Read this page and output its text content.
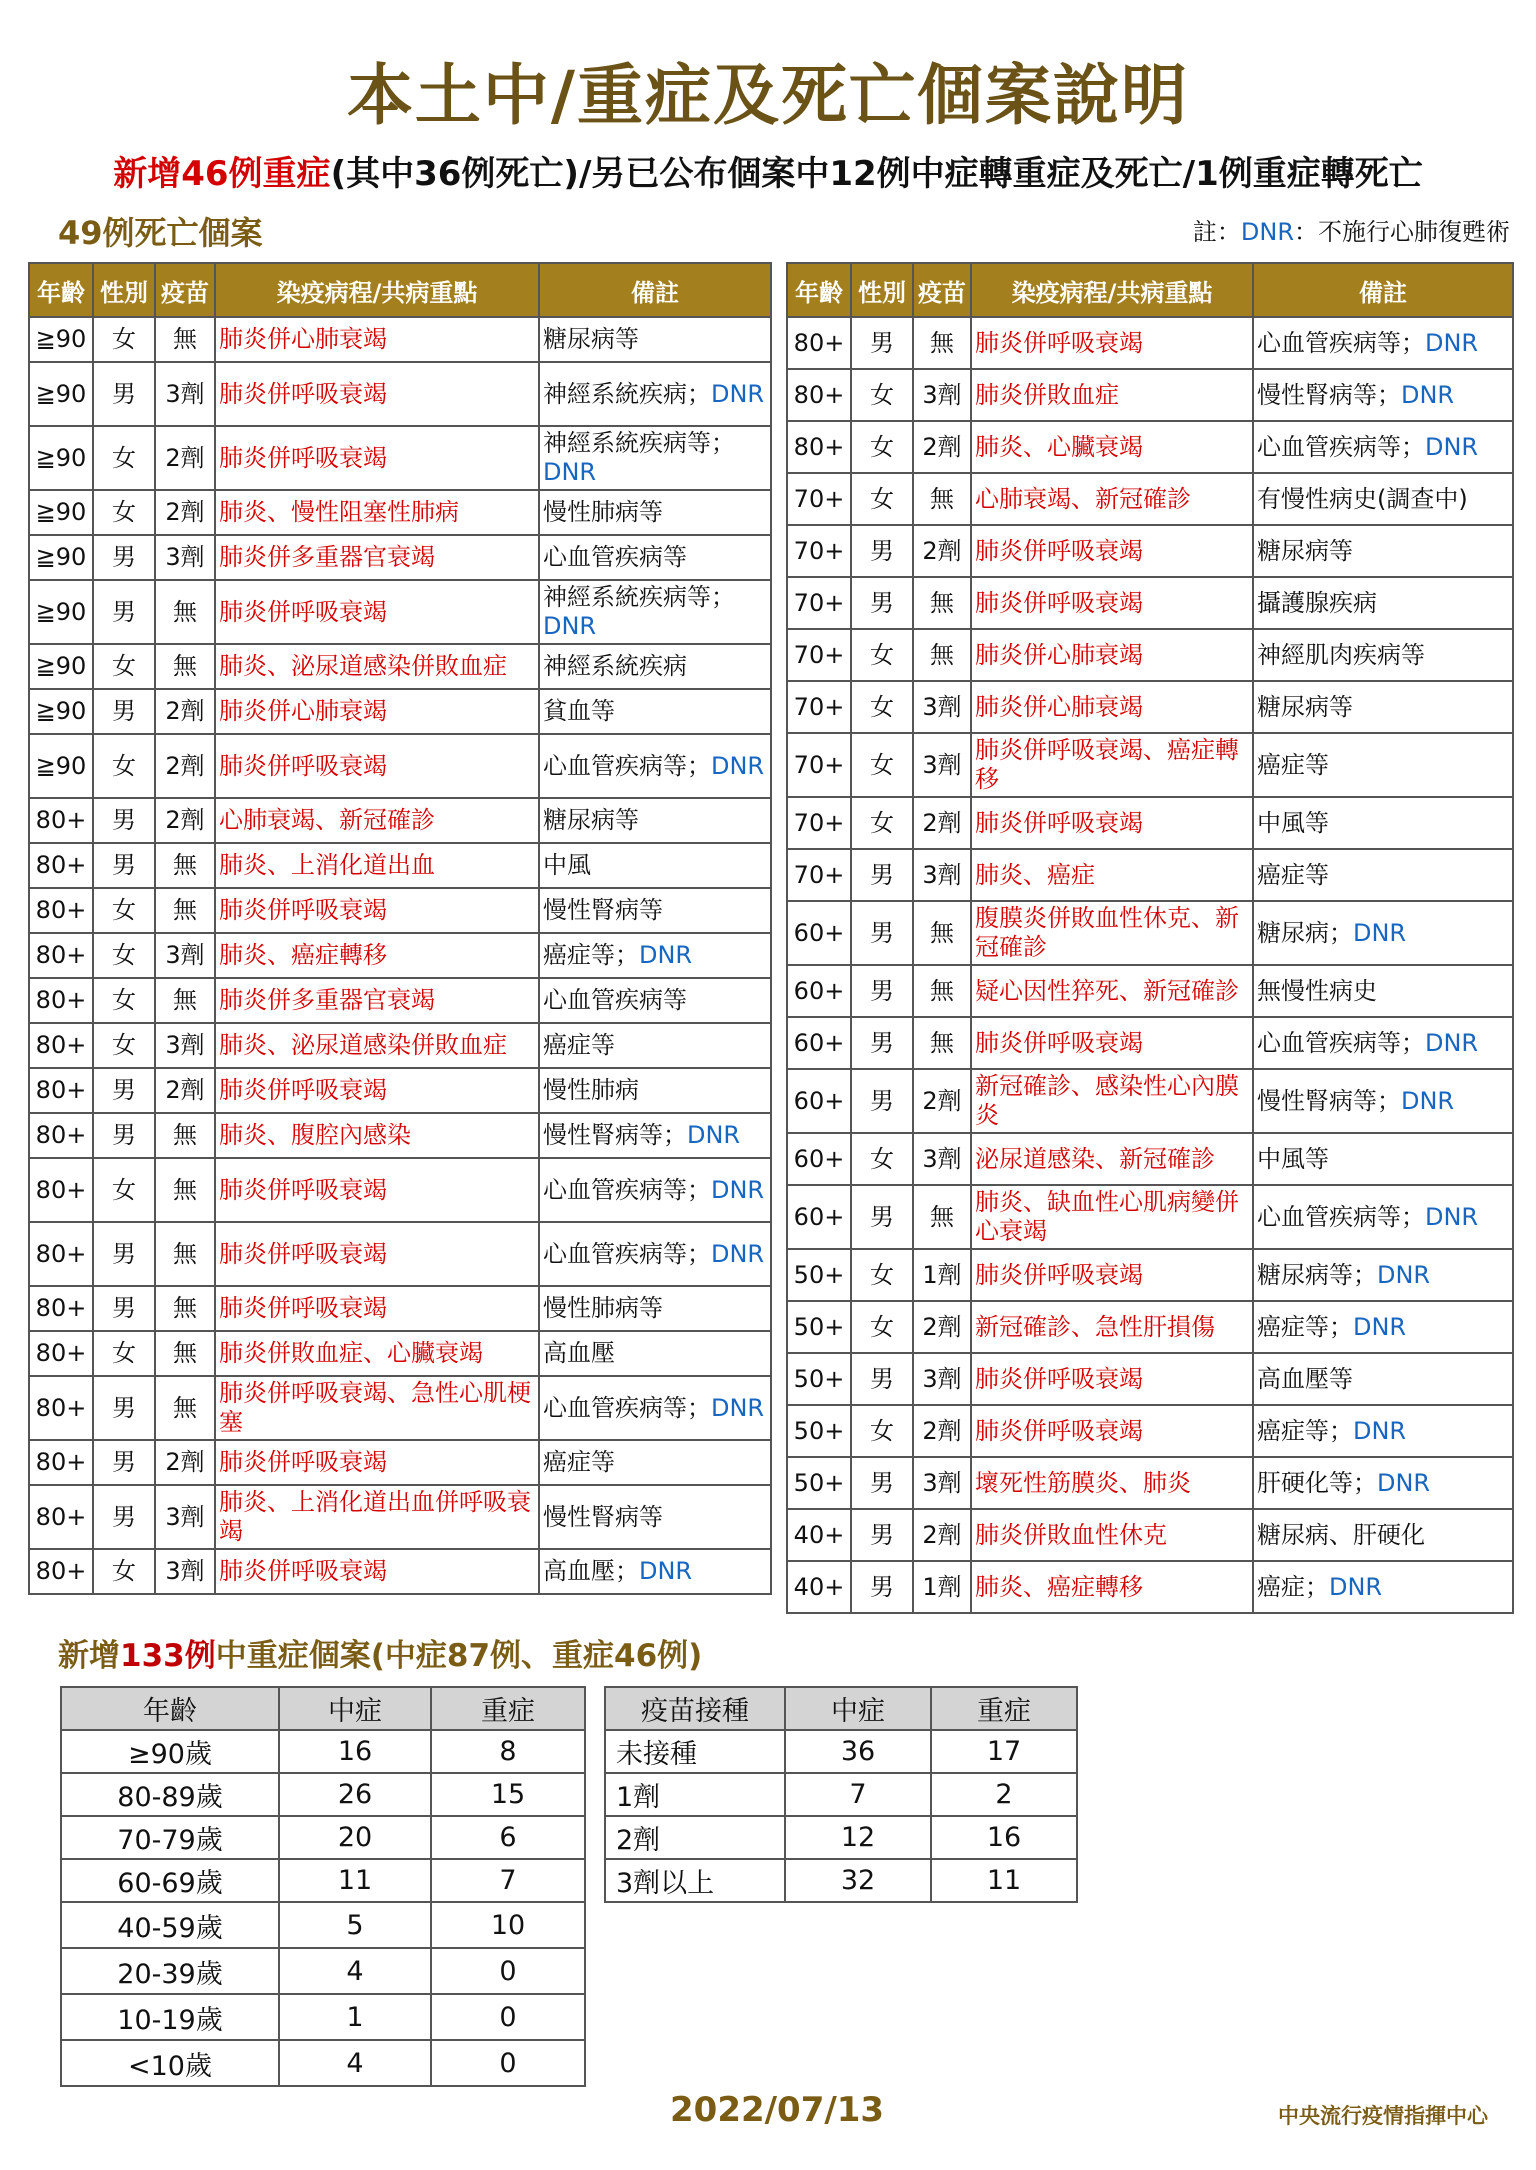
本土中/重症及死亡個案說明
新增46例重症(其中36例死亡)/另已公布個案中12例中症轉重症及死亡/1例重症轉死亡
49例死亡個案	註：DNR：不施行心肺復甦術
年齡	性別	疫苗	染疫病程/共病重點	備註
≧90	女	無	肺炎併心肺衰竭	糖尿病等
≧90	男	3劑	肺炎併呼吸衰竭	神經系統疾病；DNR
≧90	女	2劑	肺炎併呼吸衰竭	神經系統疾病等；DNR
≧90	女	2劑	肺炎、慢性阻塞性肺病	慢性肺病等
≧90	男	3劑	肺炎併多重器官衰竭	心血管疾病等
≧90	男	無	肺炎併呼吸衰竭	神經系統疾病等；DNR
≧90	女	無	肺炎、泌尿道感染併敗血症	神經系統疾病
≧90	男	2劑	肺炎併心肺衰竭	貧血等
≧90	女	2劑	肺炎併呼吸衰竭	心血管疾病等；DNR
80+	男	2劑	心肺衰竭、新冠確診	糖尿病等
80+	男	無	肺炎、上消化道出血	中風
80+	女	無	肺炎併呼吸衰竭	慢性腎病等
80+	女	3劑	肺炎、癌症轉移	癌症等；DNR
80+	女	無	肺炎併多重器官衰竭	心血管疾病等
80+	女	3劑	肺炎、泌尿道感染併敗血症	癌症等
80+	男	2劑	肺炎併呼吸衰竭	慢性肺病
80+	男	無	肺炎、腹腔內感染	慢性腎病等；DNR
80+	女	無	肺炎併呼吸衰竭	心血管疾病等；DNR
80+	男	無	肺炎併呼吸衰竭	心血管疾病等；DNR
80+	男	無	肺炎併呼吸衰竭	慢性肺病等
80+	女	無	肺炎併敗血症、心臟衰竭	高血壓
80+	男	無	肺炎併呼吸衰竭、急性心肌梗塞	心血管疾病等；DNR
80+	男	2劑	肺炎併呼吸衰竭	癌症等
80+	男	3劑	肺炎、上消化道出血併呼吸衰竭	慢性腎病等
80+	女	3劑	肺炎併呼吸衰竭	高血壓；DNR
年齡	性別	疫苗	染疫病程/共病重點	備註
80+	男	無	肺炎併呼吸衰竭	心血管疾病等；DNR
80+	女	3劑	肺炎併敗血症	慢性腎病等；DNR
80+	女	2劑	肺炎、心臟衰竭	心血管疾病等；DNR
70+	女	無	心肺衰竭、新冠確診	有慢性病史(調查中)
70+	男	2劑	肺炎併呼吸衰竭	糖尿病等
70+	男	無	肺炎併呼吸衰竭	攝護腺疾病
70+	女	無	肺炎併心肺衰竭	神經肌肉疾病等
70+	女	3劑	肺炎併心肺衰竭	糖尿病等
70+	女	3劑	肺炎併呼吸衰竭、癌症轉移	癌症等
70+	女	2劑	肺炎併呼吸衰竭	中風等
70+	男	3劑	肺炎、癌症	癌症等
60+	男	無	腹膜炎併敗血性休克、新冠確診	糖尿病；DNR
60+	男	無	疑心因性猝死、新冠確診	無慢性病史
60+	男	無	肺炎併呼吸衰竭	心血管疾病等；DNR
60+	男	2劑	新冠確診、感染性心內膜炎	慢性腎病等；DNR
60+	女	3劑	泌尿道感染、新冠確診	中風等
60+	男	無	肺炎、缺血性心肌病變併心衰竭	心血管疾病等；DNR
50+	女	1劑	肺炎併呼吸衰竭	糖尿病等；DNR
50+	女	2劑	新冠確診、急性肝損傷	癌症等；DNR
50+	男	3劑	肺炎併呼吸衰竭	高血壓等
50+	女	2劑	肺炎併呼吸衰竭	癌症等；DNR
50+	男	3劑	壞死性筋膜炎、肺炎	肝硬化等；DNR
40+	男	2劑	肺炎併敗血性休克	糖尿病、肝硬化
40+	男	1劑	肺炎、癌症轉移	癌症；DNR
新增133例中重症個案(中症87例、重症46例)
年齡	中症	重症
≥90歲	16	8
80-89歲	26	15
70-79歲	20	6
60-69歲	11	7
40-59歲	5	10
20-39歲	4	0
10-19歲	1	0
<10歲	4	0
疫苗接種	中症	重症
未接種	36	17
1劑	7	2
2劑	12	16
3劑以上	32	11
2022/07/13	中央流行疫情指揮中心
